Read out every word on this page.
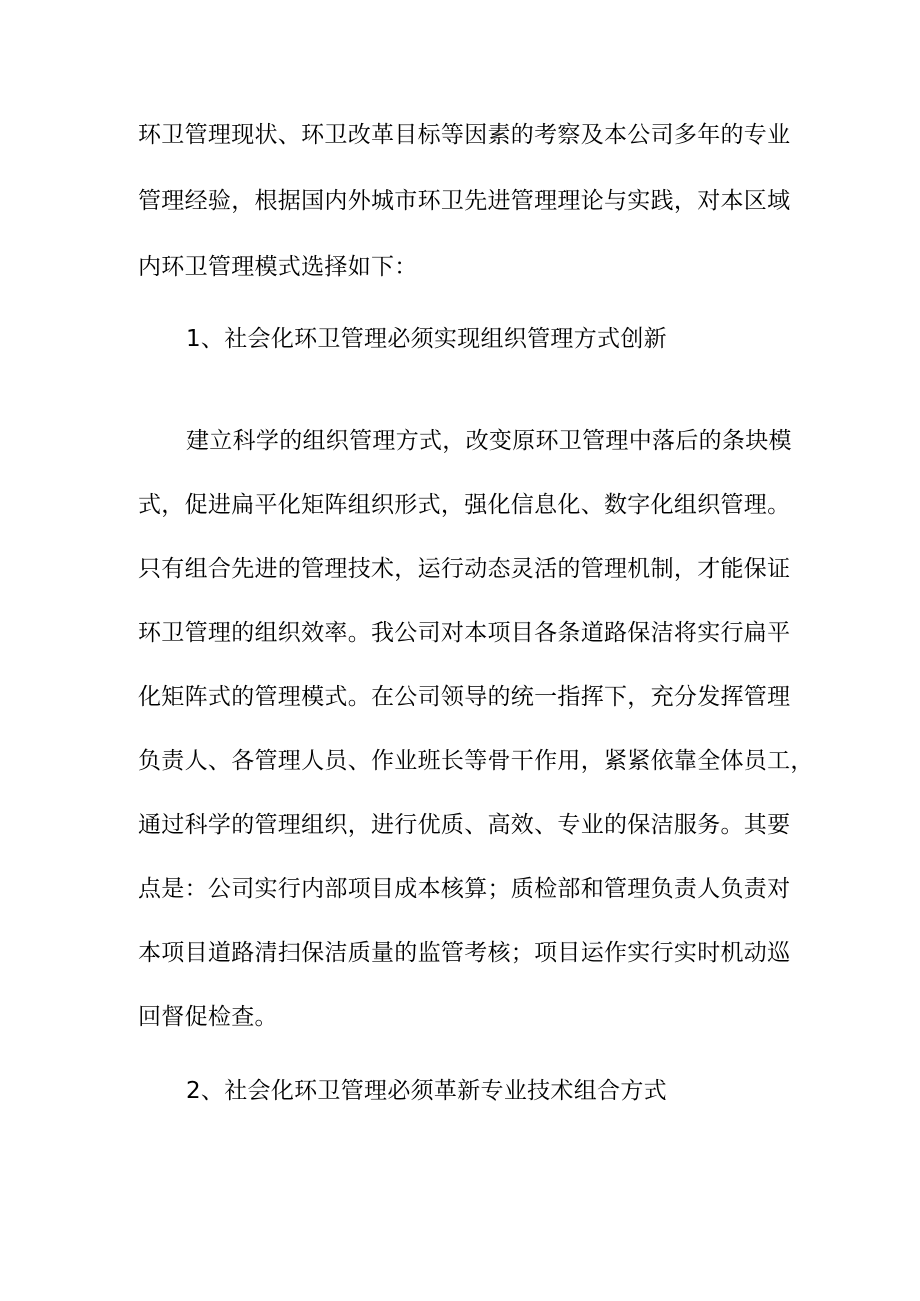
环卫管理现状、环卫改革目标等因素的考察及本公司多年的专业
管理经验，根据国内外城市环卫先进管理理论与实践，对本区域
内环卫管理模式选择如下：
1、社会化环卫管理必须实现组织管理方式创新
建立科学的组织管理方式，改变原环卫管理中落后的条块模
式，促进扁平化矩阵组织形式，强化信息化、数字化组织管理。
只有组合先进的管理技术，运行动态灵活的管理机制，才能保证
环卫管理的组织效率。我公司对本项目各条道路保洁将实行扁平
化矩阵式的管理模式。在公司领导的统一指挥下，充分发挥管理
负责人、各管理人员、作业班长等骨干作用，紧紧依靠全体员工，
通过科学的管理组织，进行优质、高效、专业的保洁服务。其要
点是：公司实行内部项目成本核算；质检部和管理负责人负责对
本项目道路清扫保洁质量的监管考核；项目运作实行实时机动巡
回督促检查。
2、社会化环卫管理必须革新专业技术组合方式
